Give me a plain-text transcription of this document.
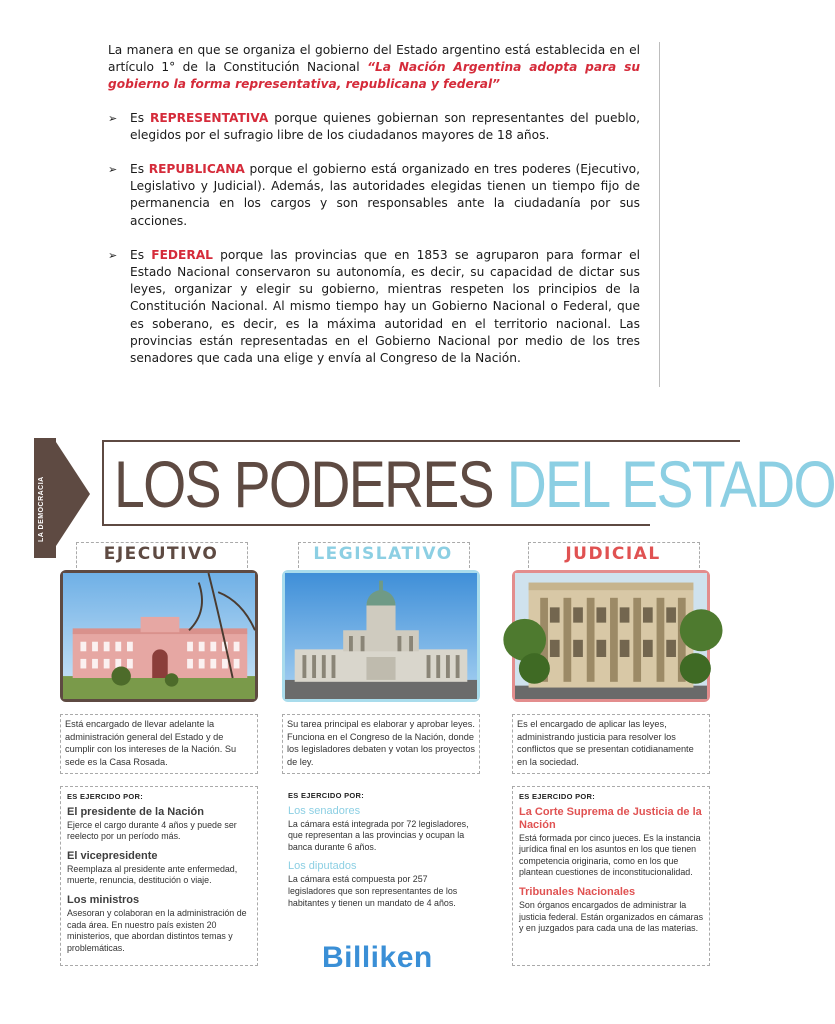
La manera en que se organiza el gobierno del Estado argentino está establecida en el artículo 1° de la Constitución Nacional “La Nación Argentina adopta para su gobierno la forma representativa, republicana y federal”

➢ Es REPRESENTATIVA porque quienes gobiernan son representantes del pueblo, elegidos por el sufragio libre de los ciudadanos mayores de 18 años.
➢ Es REPUBLICANA porque el gobierno está organizado en tres poderes (Ejecutivo, Legislativo y Judicial). Además, las autoridades elegidas tienen un tiempo fijo de permanencia en los cargos y son responsables ante la ciudadanía por sus acciones.
➢ Es FEDERAL porque las provincias que en 1853 se agruparon para formar el Estado Nacional conservaron su autonomía, es decir, su capacidad de dictar sus leyes, organizar y elegir su gobierno, mientras respeten los principios de la Constitución Nacional. Al mismo tiempo hay un Gobierno Nacional o Federal, que es soberano, es decir, es la máxima autoridad en el territorio nacional. Las provincias están representadas en el Gobierno Nacional por medio de los tres senadores que cada una elige y envía al Congreso de la Nación.
LA DEMOCRACIA LOS PODERES DEL ESTADO
EJECUTIVO
Está encargado de llevar adelante la administración general del Estado y de cumplir con los intereses de la Nación. Su sede es la Casa Rosada.
ES EJERCIDO POR:
El presidente de la Nación
Ejerce el cargo durante 4 años y puede ser reelecto por un período más.
El vicepresidente
Reemplaza al presidente ante enfermedad, muerte, renuncia, destitución o viaje.
Los ministros
Asesoran y colaboran en la administración de cada área. En nuestro país existen 20 ministerios, que abordan distintos temas y problemáticas.
LEGISLATIVO
Su tarea principal es elaborar y aprobar leyes. Funciona en el Congreso de la Nación, donde los legisladores debaten y votan los proyectos de ley.
ES EJERCIDO POR:
Los senadores
La cámara está integrada por 72 legisladores, que representan a las provincias y ocupan la banca durante 6 años.
Los diputados
La cámara está compuesta por 257 legisladores que son representantes de los habitantes y tienen un mandato de 4 años.
JUDICIAL
Es el encargado de aplicar las leyes, administrando justicia para resolver los conflictos que se presentan cotidianamente en la sociedad.
ES EJERCIDO POR:
La Corte Suprema de Justicia de la Nación
Está formada por cinco jueces. Es la instancia jurídica final en los asuntos en los que tienen competencia originaria, como en los que plantean cuestiones de inconstitucionalidad.
Tribunales Nacionales
Son órganos encargados de administrar la justicia federal. Están organizados en cámaras y en juzgados para cada una de las materias.
Billiken
